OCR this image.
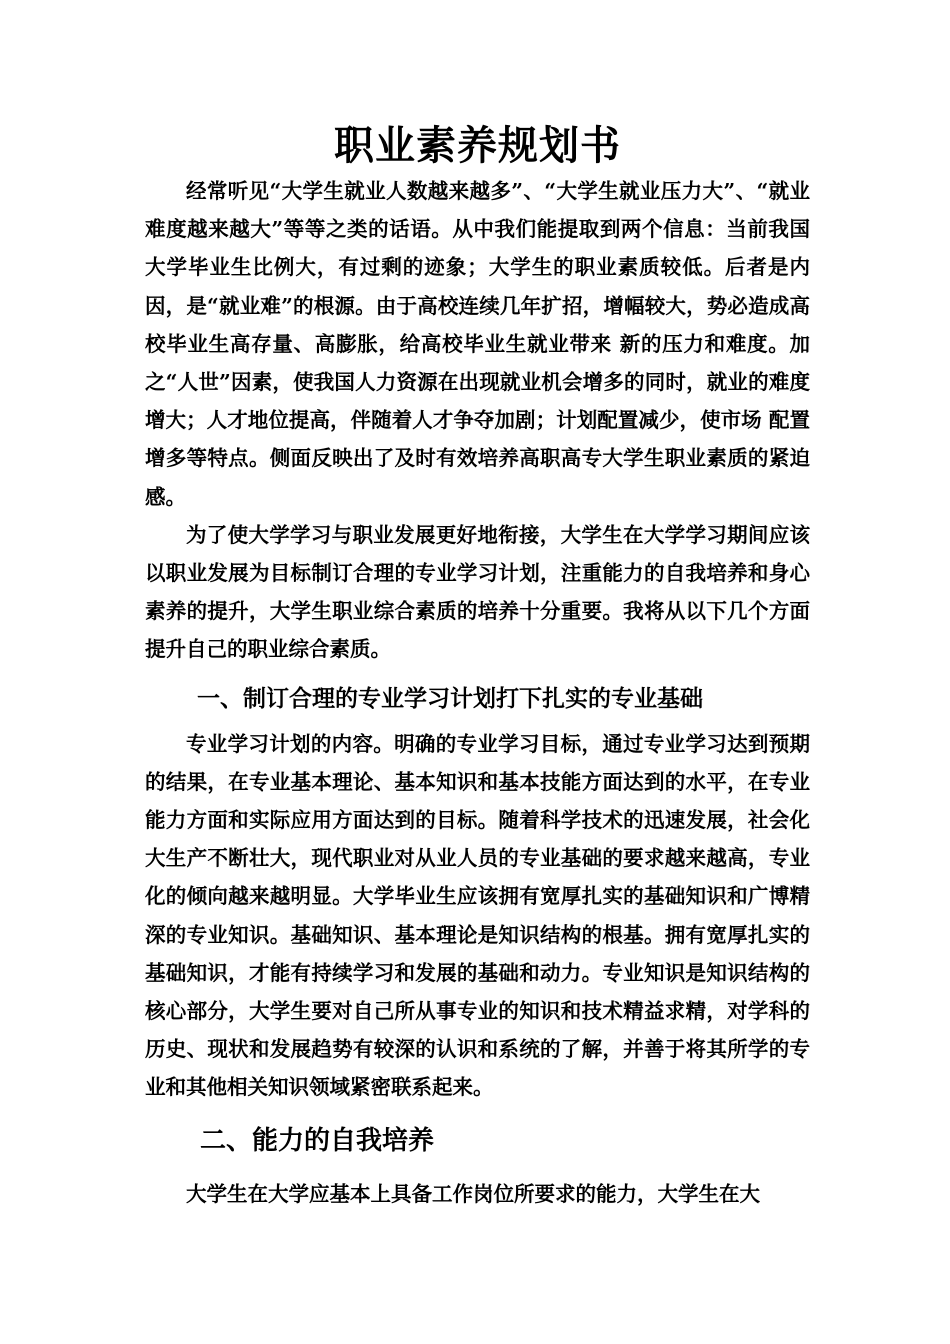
职业素养规划书

经常听见“大学生就业人数越来越多”、“大学生就业压力大”、“就业难度越来越大”等等之类的话语。从中我们能提取到两个信息：当前我国大学毕业生比例大，有过剩的迹象；大学生的职业素质较低。后者是内因，是“就业难”的根源。由于高校连续几年扩招，增幅较大，势必造成高校毕业生高存量、高膨胀，给高校毕业生就业带来 新的压力和难度。加之“人世”因素，使我国人力资源在出现就业机会增多的同时，就业的难度增大；人才地位提高，伴随着人才争夺加剧；计划配置减少，使市场 配置增多等特点。侧面反映出了及时有效培养高职高专大学生职业素质的紧迫感。

为了使大学学习与职业发展更好地衔接，大学生在大学学习期间应该以职业发展为目标制订合理的专业学习计划，注重能力的自我培养和身心素养的提升，大学生职业综合素质的培养十分重要。我将从以下几个方面提升自己的职业综合素质。

一、制订合理的专业学习计划打下扎实的专业基础

专业学习计划的内容。明确的专业学习目标，通过专业学习达到预期的结果，在专业基本理论、基本知识和基本技能方面达到的水平，在专业能力方面和实际应用方面达到的目标。随着科学技术的迅速发展，社会化大生产不断壮大，现代职业对从业人员的专业基础的要求越来越高，专业化的倾向越来越明显。大学毕业生应该拥有宽厚扎实的基础知识和广博精深的专业知识。基础知识、基本理论是知识结构的根基。拥有宽厚扎实的基础知识，才能有持续学习和发展的基础和动力。专业知识是知识结构的核心部分，大学生要对自己所从事专业的知识和技术精益求精，对学科的历史、现状和发展趋势有较深的认识和系统的了解，并善于将其所学的专业和其他相关知识领域紧密联系起来。

二、能力的自我培养

大学生在大学应基本上具备工作岗位所要求的能力，大学生在大
